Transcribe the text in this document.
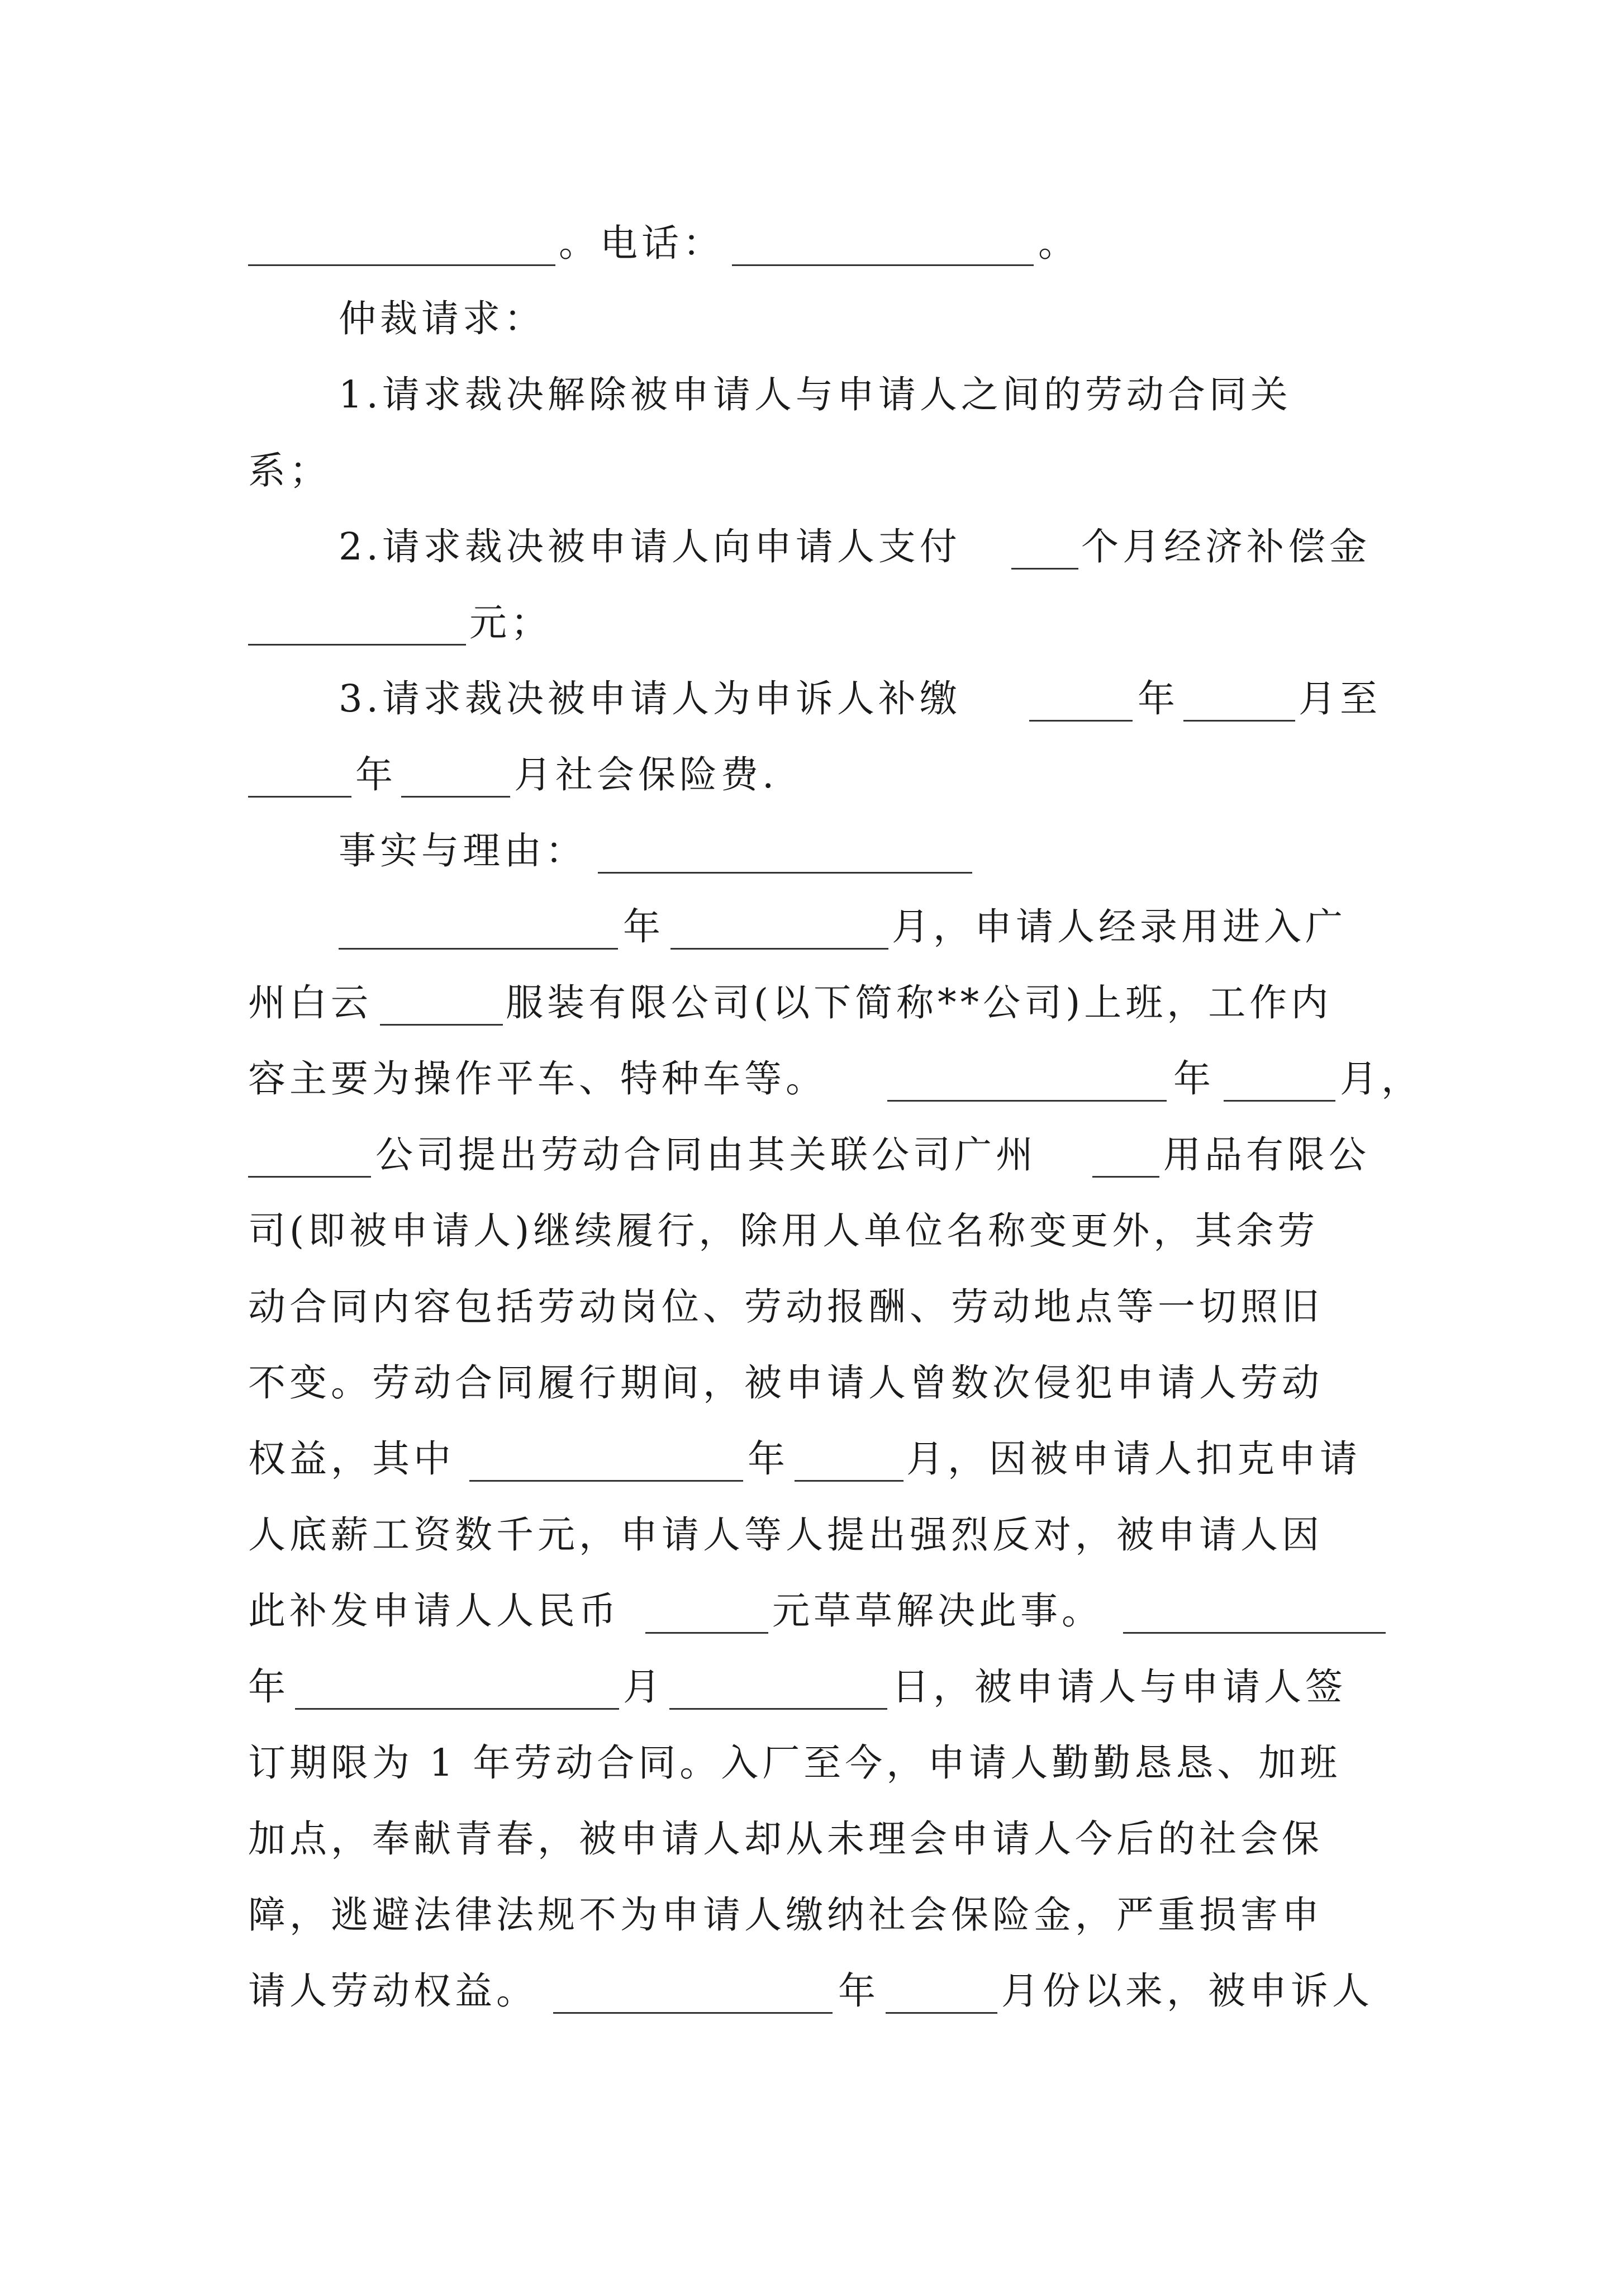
。电话：

	。

仲裁请求：

1.请求裁决解除被申请人与申请人之间的劳动合同关

系；

2.请求裁决被申请人向申请人支付

	个月经济补偿金

元；

3.请求裁决被申请人为申诉人补缴

	年

	月至

年

	月社会保险费.

事实与理由：

年

	月，申请人经录用进入广

州白云

	服装有限公司(以下简称**公司)上班，工作内

容主要为操作平车、特种车等。

	年

	月，

公司提出劳动合同由其关联公司广州

	用品有限公

司(即被申请人)继续履行，除用人单位名称变更外，其余劳

动合同内容包括劳动岗位、劳动报酬、劳动地点等一切照旧

不变。劳动合同履行期间，被申请人曾数次侵犯申请人劳动

权益，其中

	年

	月，因被申请人扣克申请

人底薪工资数千元，申请人等人提出强烈反对，被申请人因

此补发申请人人民币

	元草草解决此事。

年

	月

	日，被申请人与申请人签

订期限为 1 年劳动合同。入厂至今，申请人勤勤恳恳、加班

加点，奉献青春，被申请人却从未理会申请人今后的社会保

障，逃避法律法规不为申请人缴纳社会保险金，严重损害申

请人劳动权益。

	年

	月份以来，被申诉人
